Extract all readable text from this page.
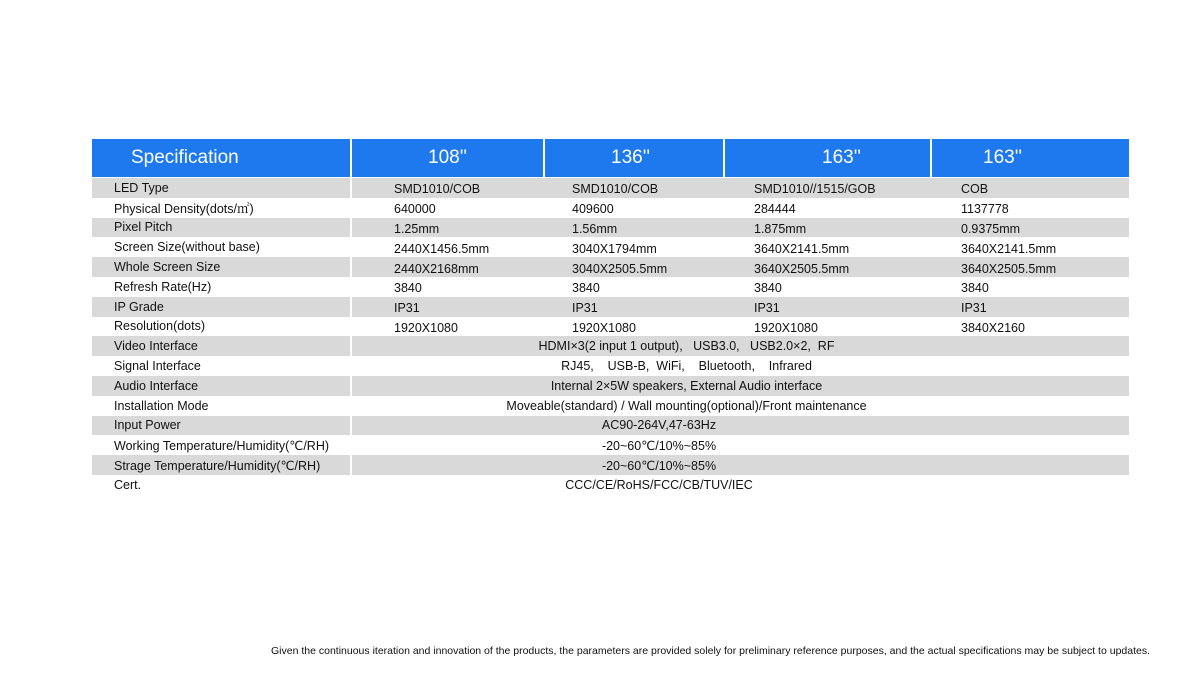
Specification	108''	136''	163''	163''
LED Type	SMD1010/COB	SMD1010/COB	SMD1010//1515/GOB	COB
Physical Density(dots/㎡)	640000	409600	284444	1137778
Pixel Pitch	1.25mm	1.56mm	1.875mm	0.9375mm
Screen Size(without base)	2440X1456.5mm	3040X1794mm	3640X2141.5mm	3640X2141.5mm
Whole Screen Size	2440X2168mm	3040X2505.5mm	3640X2505.5mm	3640X2505.5mm
Refresh Rate(Hz)	3840	3840	3840	3840
IP Grade	IP31	IP31	IP31	IP31
Resolution(dots)	1920X1080	1920X1080	1920X1080	3840X2160
Video Interface	HDMI×3(2 input 1 output),   USB3.0,   USB2.0×2,  RF
Signal Interface	RJ45,    USB-B,  WiFi,    Bluetooth,    Infrared
Audio Interface	Internal 2×5W speakers, External Audio interface
Installation Mode	Moveable(standard) / Wall mounting(optional)/Front maintenance
Input Power	AC90-264V,47-63Hz
Working Temperature/Humidity(℃/RH)	-20~60℃/10%~85%
Strage Temperature/Humidity(℃/RH)	-20~60℃/10%~85%
Cert.	CCC/CE/RoHS/FCC/CB/TUV/IEC
Given the continuous iteration and innovation of the products, the parameters are provided solely for preliminary reference purposes, and the actual specifications may be subject to updates.
